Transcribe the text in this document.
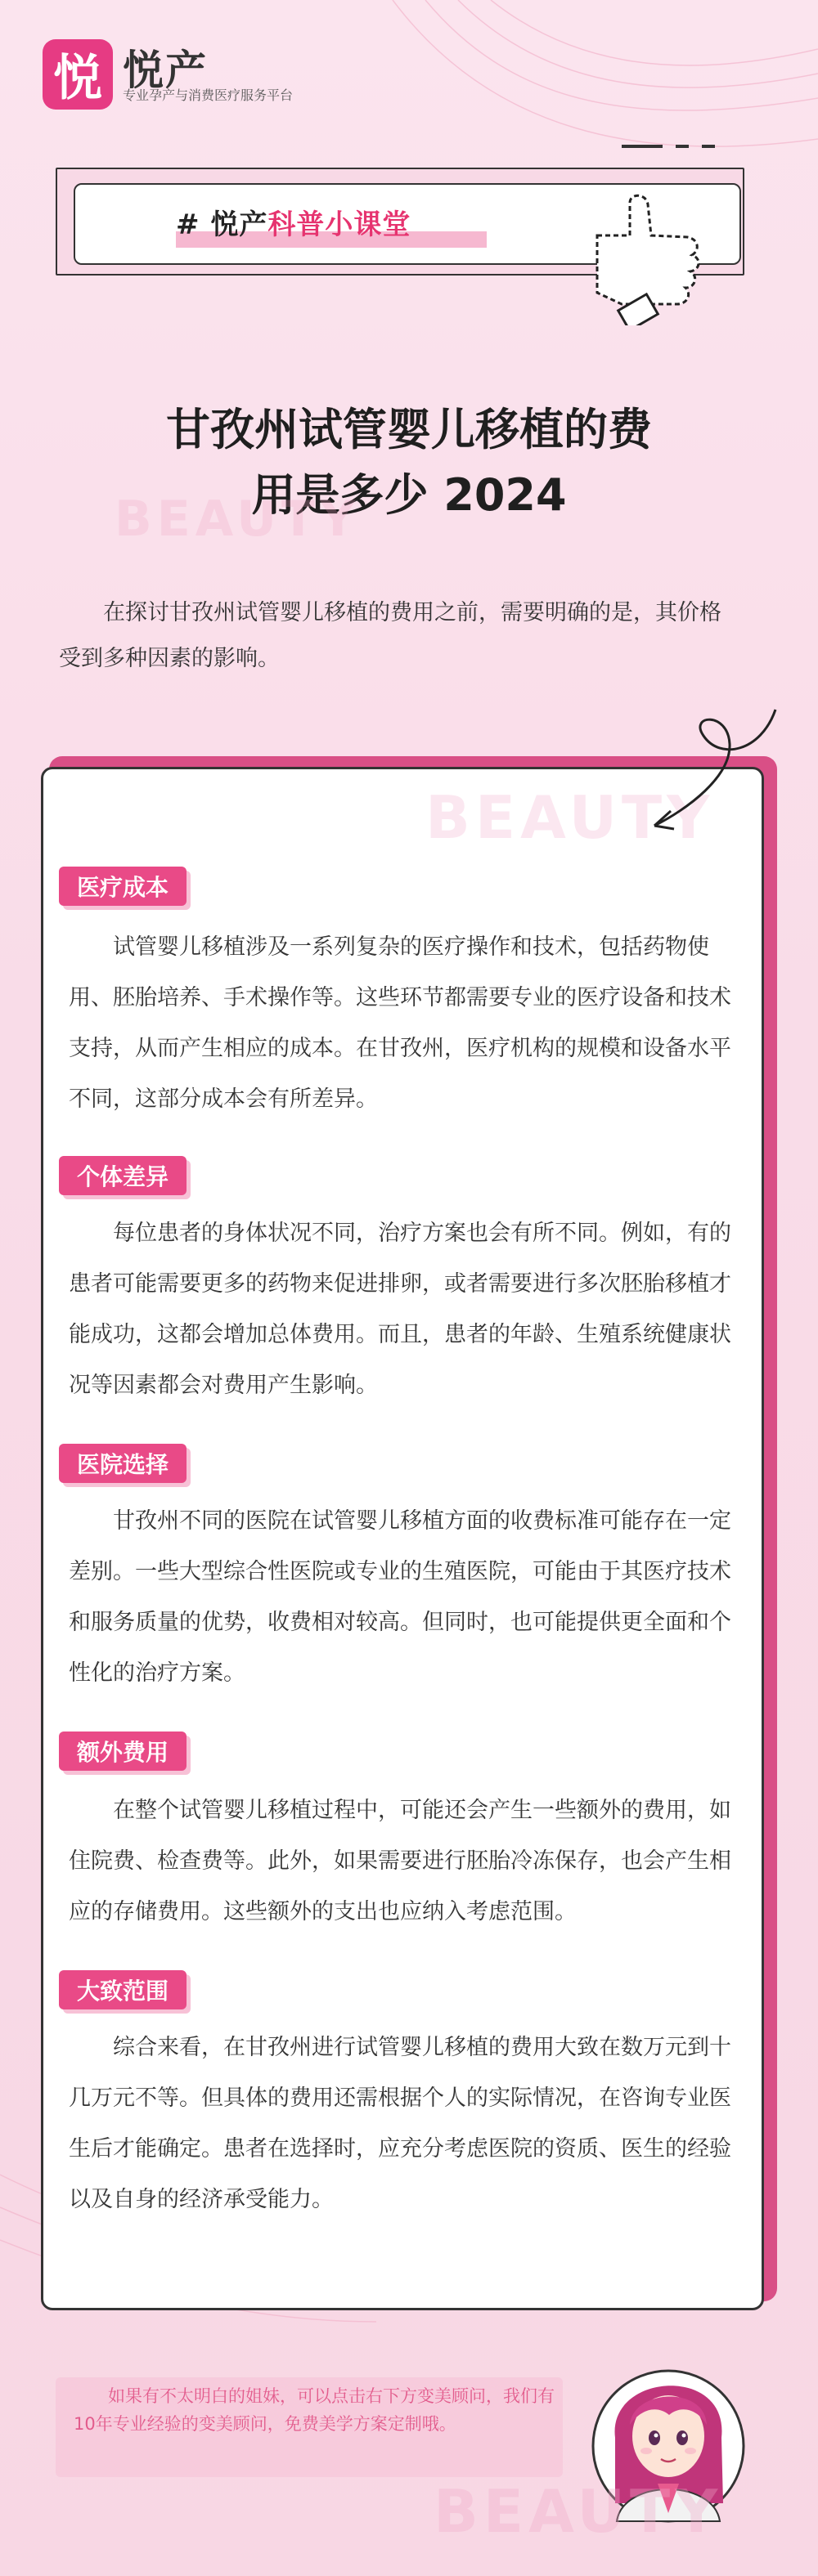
悦 悦产
专业孕产与消费医疗服务平台
# 悦产科普小课堂
甘孜州试管婴儿移植的费
用是多少 2024
BEAUTY
在探讨甘孜州试管婴儿移植的费用之前，需要明确的是，其价格受到多种因素的影响。
BEAUTY
医疗成本
试管婴儿移植涉及一系列复杂的医疗操作和技术，包括药物使用、胚胎培养、手术操作等。这些环节都需要专业的医疗设备和技术支持，从而产生相应的成本。在甘孜州，医疗机构的规模和设备水平不同，这部分成本会有所差异。
个体差异
每位患者的身体状况不同，治疗方案也会有所不同。例如，有的患者可能需要更多的药物来促进排卵，或者需要进行多次胚胎移植才能成功，这都会增加总体费用。而且，患者的年龄、生殖系统健康状况等因素都会对费用产生影响。
医院选择
甘孜州不同的医院在试管婴儿移植方面的收费标准可能存在一定差别。一些大型综合性医院或专业的生殖医院，可能由于其医疗技术和服务质量的优势，收费相对较高。但同时，也可能提供更全面和个性化的治疗方案。
额外费用
在整个试管婴儿移植过程中，可能还会产生一些额外的费用，如住院费、检查费等。此外，如果需要进行胚胎冷冻保存，也会产生相应的存储费用。这些额外的支出也应纳入考虑范围。
大致范围
综合来看，在甘孜州进行试管婴儿移植的费用大致在数万元到十几万元不等。但具体的费用还需根据个人的实际情况，在咨询专业医生后才能确定。患者在选择时，应充分考虑医院的资质、医生的经验以及自身的经济承受能力。
如果有不太明白的姐妹，可以点击右下方变美顾问，我们有10年专业经验的变美顾问，免费美学方案定制哦。
BEAUTY
